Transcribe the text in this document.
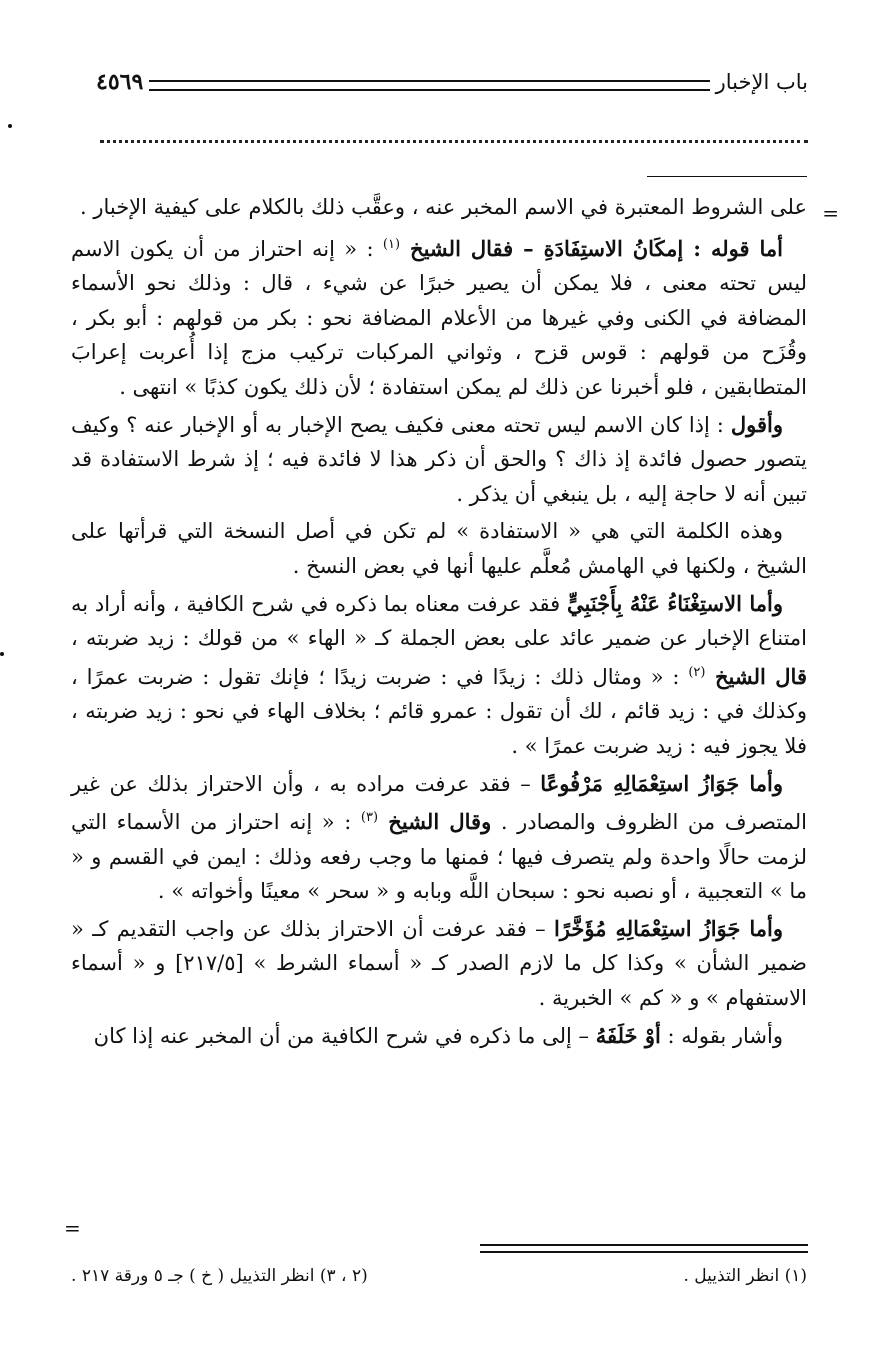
باب الإخبار
٤٥٦٩
=
=

على الشروط المعتبرة في الاسم المخبر عنه ، وعقَّب ذلك بالكلام على كيفية الإخبار .

أما قوله : إمكَانُ الاستِفَادَةِ – فقال الشيخ $^{(١)}$ : « إنه احتراز من أن يكون الاسم ليس تحته معنى ، فلا يمكن أن يصير خبرًا عن شيء ، قال : وذلك نحو الأسماء المضافة في الكنى وفي غيرها من الأعلام المضافة نحو : بكر من قولهم : أبو بكر ، وقُزَح من قولهم : قوس قزح ، وثواني المركبات تركيب مزج إذا أُعربت إعرابَ المتطابقين ، فلو أخبرنا عن ذلك لم يمكن استفادة ؛ لأن ذلك يكون كذبًا » انتهى .

وأقول : إذا كان الاسم ليس تحته معنى فكيف يصح الإخبار به أو الإخبار عنه ؟ وكيف يتصور حصول فائدة إذ ذاك ؟ والحق أن ذكر هذا لا فائدة فيه ؛ إذ شرط الاستفادة قد تبين أنه لا حاجة إليه ، بل ينبغي أن يذكر .

وهذه الكلمة التي هي « الاستفادة » لم تكن في أصل النسخة التي قرأتها على الشيخ ، ولكنها في الهامش مُعلَّم عليها أنها في بعض النسخ .

وأما الاستِغْنَاءُ عَنْهُ بِأَجْنَبِيٍّ فقد عرفت معناه بما ذكره في شرح الكافية ، وأنه أراد به امتناع الإخبار عن ضمير عائد على بعض الجملة كـ « الهاء » من قولك : زيد ضربته ، قال الشيخ $^{(٢)}$ : « ومثال ذلك : زيدًا في : ضربت زيدًا ؛ فإنك تقول : ضربت عمرًا ، وكذلك في : زيد قائم ، لك أن تقول : عمرو قائم ؛ بخلاف الهاء في نحو : زيد ضربته ، فلا يجوز فيه : زيد ضربت عمرًا » .

وأما جَوَازُ استِعْمَالِهِ مَرْفُوعًا – فقد عرفت مراده به ، وأن الاحتراز بذلك عن غير المتصرف من الظروف والمصادر . وقال الشيخ $^{(٣)}$ : « إنه احتراز من الأسماء التي لزمت حالًا واحدة ولم يتصرف فيها ؛ فمنها ما وجب رفعه وذلك : ايمن في القسم و « ما » التعجبية ، أو نصبه نحو : سبحان اللَّه وبابه و « سحر » معينًا وأخواته » .

وأما جَوَازُ استِعْمَالِهِ مُؤَخَّرًا – فقد عرفت أن الاحتراز بذلك عن واجب التقديم كـ « ضمير الشأن » وكذا كل ما لازم الصدر كـ « أسماء الشرط » [٢١٧/٥] و « أسماء الاستفهام » و « كم » الخبرية .

وأشار بقوله : أوْ خَلَفَهُ – إلى ما ذكره في شرح الكافية من أن المخبر عنه إذا كان

(١) انظر التذييل .
(٢ ، ٣) انظر التذييل ( خ ) جـ ٥ ورقة ٢١٧ .
